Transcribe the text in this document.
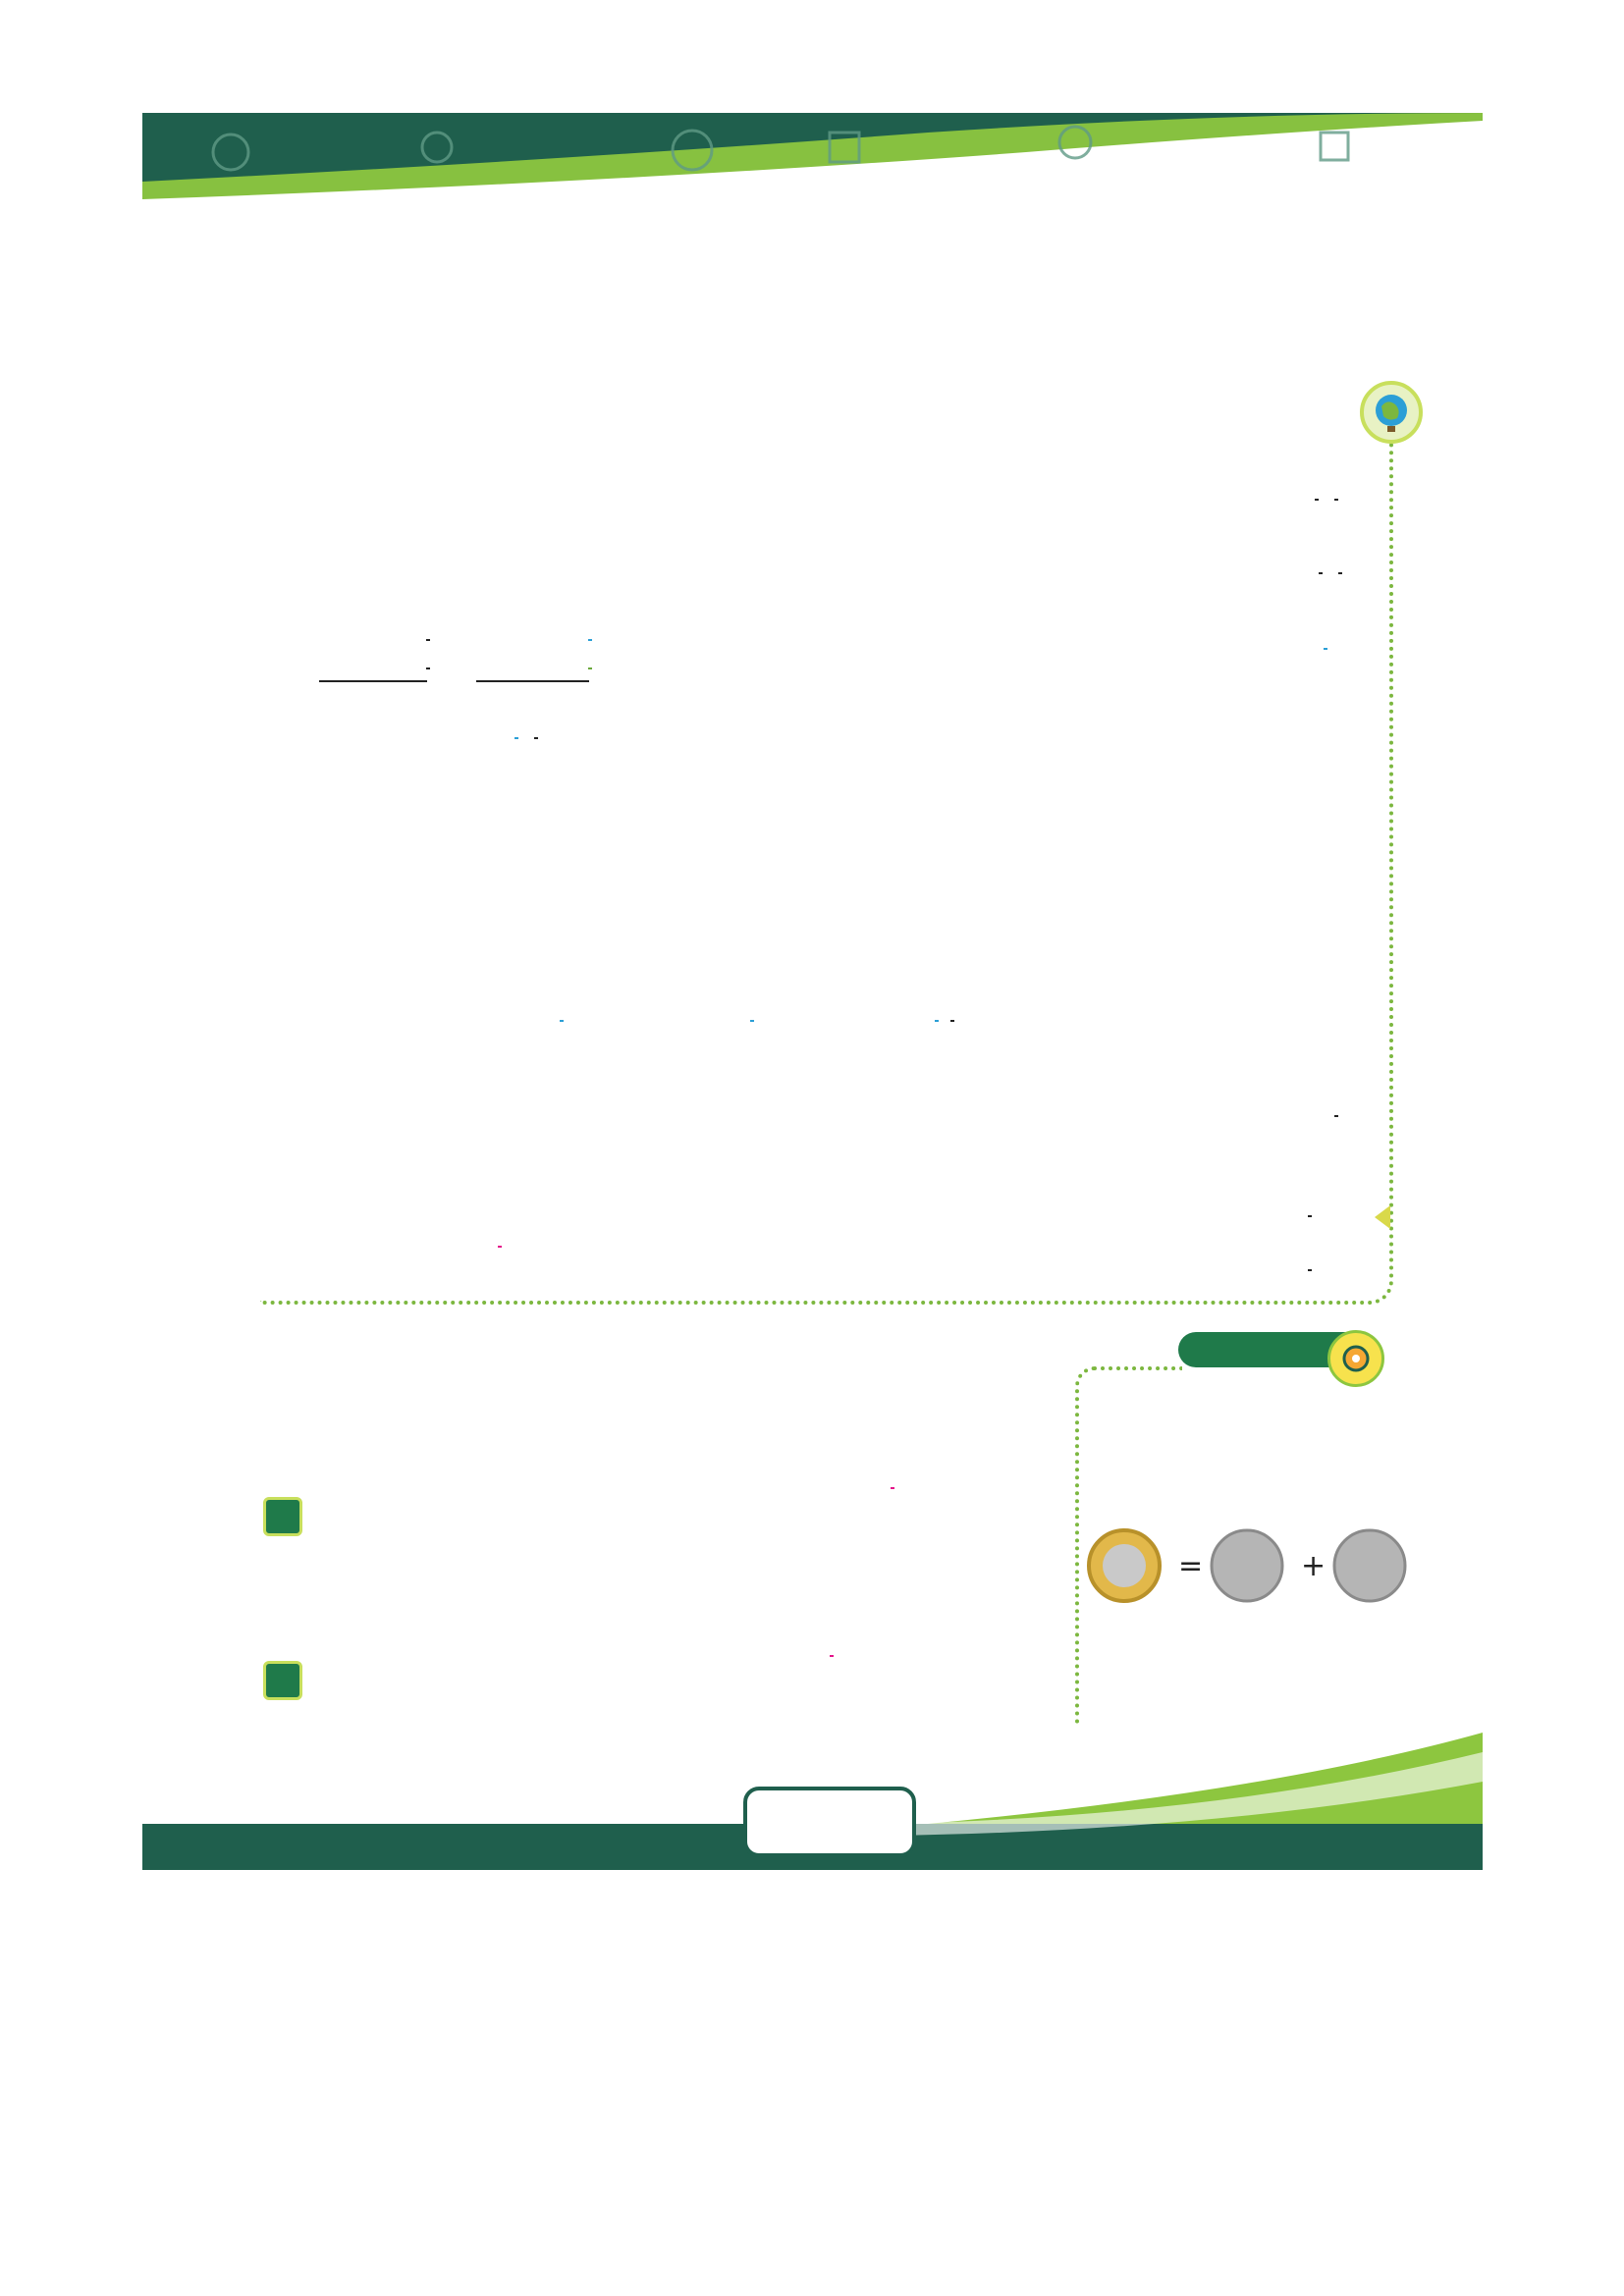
=	+
